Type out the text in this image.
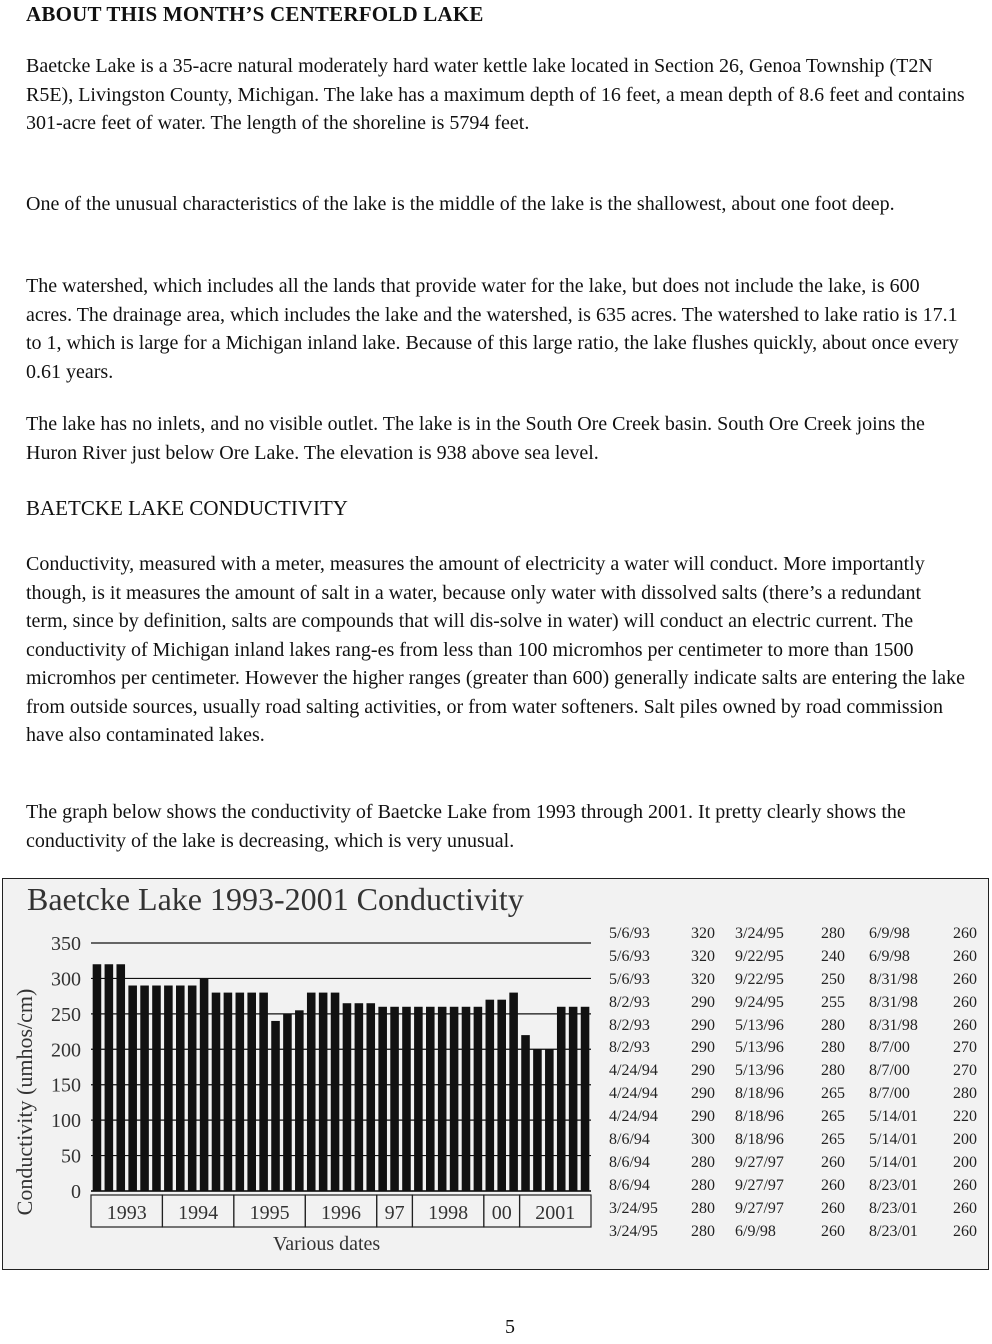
ABOUT THIS MONTH’S CENTERFOLD LAKE

Baetcke Lake is a 35-acre natural moderately hard water kettle lake located in Section 26, Genoa Township (T2N R5E), Livingston County, Michigan. The lake has a maximum depth of 16 feet, a mean depth of 8.6 feet and contains 301-acre feet of water. The length of the shoreline is 5794 feet.

One of the unusual characteristics of the lake is the middle of the lake is the shallowest, about one foot deep.

The watershed, which includes all the lands that provide water for the lake, but does not include the lake, is 600 acres. The drainage area, which includes the lake and the watershed, is 635 acres. The watershed to lake ratio is 17.1 to 1, which is large for a Michigan inland lake. Because of this large ratio, the lake flushes quickly, about once every 0.61 years.

The lake has no inlets, and no visible outlet. The lake is in the South Ore Creek basin. South Ore Creek joins the Huron River just below Ore Lake. The elevation is 938 above sea level.

BAETCKE LAKE CONDUCTIVITY

Conductivity, measured with a meter, measures the amount of electricity a water will conduct. More importantly though, is it measures the amount of salt in a water, because only water with dissolved salts (there’s a redundant term, since by definition, salts are compounds that will dis-solve in water) will conduct an electric current. The conductivity of Michigan inland lakes rang-es from less than 100 micromhos per centimeter to more than 1500 micromhos per centimeter. However the higher ranges (greater than 600) generally indicate salts are entering the lake from outside sources, usually road salting activities, or from water softeners. Salt piles owned by road commission have also contaminated lakes.

The graph below shows the conductivity of Baetcke Lake from 1993 through 2001. It pretty clearly shows the conductivity of the lake is decreasing, which is very unusual.

Baetcke Lake 1993-2001 Conductivity
0
50
100
150
200
250
300
350
1993 1994 1995 1996 97 1998 00 2001
Conductivity (umhos/cm)
Various dates
5/6/93	320 3/24/95 280 6/9/98	260
5/6/93	320 9/22/95 240 6/9/98	260
5/6/93	320 9/22/95 250 8/31/98 260
8/2/93	290 9/24/95 255 8/31/98 260
8/2/93	290 5/13/96 280 8/31/98 260
8/2/93	290 5/13/96 280 8/7/00	270
4/24/94 290 5/13/96 280 8/7/00	270
4/24/94 290 8/18/96 265 8/7/00	280
4/24/94 290 8/18/96 265 5/14/01 220
8/6/94	300 8/18/96 265 5/14/01 200
8/6/94	280 9/27/97 260 5/14/01 200
8/6/94	280 9/27/97 260 8/23/01 260
3/24/95 280 9/27/97 260 8/23/01 260
3/24/95 280 6/9/98	260 8/23/01 260
5
